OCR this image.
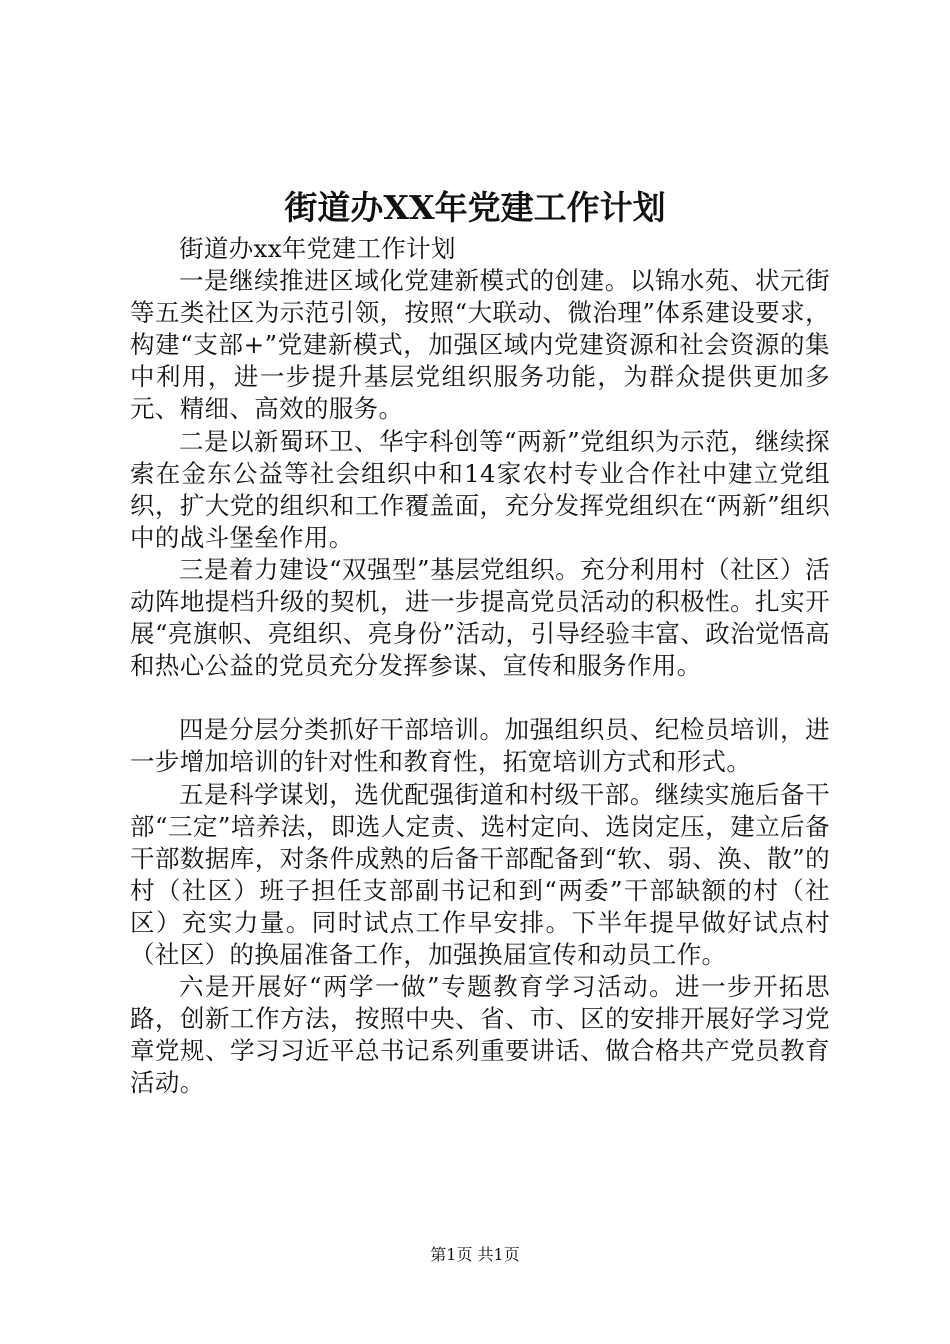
街道办XX年党建工作计划

街道办xx年党建工作计划

一是继续推进区域化党建新模式的创建。以锦水苑、状元街等五类社区为示范引领，按照“大联动、微治理”体系建设要求，构建“支部+”党建新模式，加强区域内党建资源和社会资源的集中利用，进一步提升基层党组织服务功能，为群众提供更加多元、精细、高效的服务。

二是以新蜀环卫、华宇科创等“两新”党组织为示范，继续探索在金东公益等社会组织中和14家农村专业合作社中建立党组织，扩大党的组织和工作覆盖面，充分发挥党组织在“两新”组织中的战斗堡垒作用。

三是着力建设“双强型”基层党组织。充分利用村（社区）活动阵地提档升级的契机，进一步提高党员活动的积极性。扎实开展“亮旗帜、亮组织、亮身份”活动，引导经验丰富、政治觉悟高和热心公益的党员充分发挥参谋、宣传和服务作用。

四是分层分类抓好干部培训。加强组织员、纪检员培训，进一步增加培训的针对性和教育性，拓宽培训方式和形式。

五是科学谋划，选优配强街道和村级干部。继续实施后备干部“三定”培养法，即选人定责、选村定向、选岗定压，建立后备干部数据库，对条件成熟的后备干部配备到“软、弱、涣、散”的村（社区）班子担任支部副书记和到“两委”干部缺额的村（社区）充实力量。同时试点工作早安排。下半年提早做好试点村（社区）的换届准备工作，加强换届宣传和动员工作。

六是开展好“两学一做”专题教育学习活动。进一步开拓思路，创新工作方法，按照中央、省、市、区的安排开展好学习党章党规、学习习近平总书记系列重要讲话、做合格共产党员教育活动。

第1页 共1页
